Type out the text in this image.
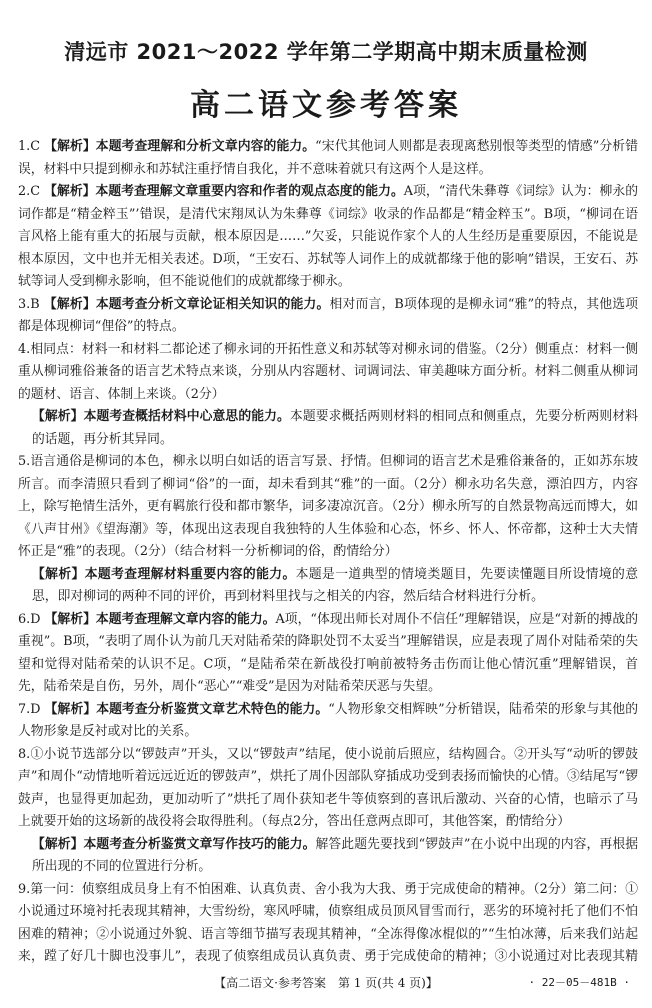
清远市 2021～2022 学年第二学期高中期末质量检测
高二语文参考答案

1.C 【解析】本题考查理解和分析文章内容的能力。“宋代其他词人则都是表现离愁别恨等类型的情感”分析错误，材料中只提到柳永和苏轼注重抒情自我化，并不意味着就只有这两个人是这样。

2.C 【解析】本题考查理解文章重要内容和作者的观点态度的能力。A项，“清代朱彝尊《词综》认为：柳永的词作都是“精金粹玉”’错误，是清代宋翔凤认为朱彝尊《词综》收录的作品都是“精金粹玉”。B项，“柳词在语言风格上能有重大的拓展与贡献，根本原因是……”欠妥，只能说作家个人的人生经历是重要原因，不能说是根本原因，文中也并无相关表述。D项，“王安石、苏轼等人词作上的成就都缘于他的影响”错误，王安石、苏轼等词人受到柳永影响，但不能说他们的成就都缘于柳永。

3.B 【解析】本题考查分析文章论证相关知识的能力。相对而言，B项体现的是柳永词“雅”的特点，其他选项都是体现柳词“俚俗”的特点。

4.相同点：材料一和材料二都论述了柳永词的开拓性意义和苏轼等对柳永词的借鉴。（2分）侧重点：材料一侧重从柳词雅俗兼备的语言艺术特点来谈，分别从内容题材、词调词法、审美趣味方面分析。材料二侧重从柳词的题材、语言、体制上来谈。（2分）

【解析】本题考查概括材料中心意思的能力。本题要求概括两则材料的相同点和侧重点，先要分析两则材料的话题，再分析其异同。

5.语言通俗是柳词的本色，柳永以明白如话的语言写景、抒情。但柳词的语言艺术是雅俗兼备的，正如苏东坡所言。而李清照只看到了柳词“俗”的一面，却未看到其“雅”的一面。（2分）柳永功名失意，漂泊四方，内容上，除写艳情生活外，更有羁旅行役和都市繁华，词多凄凉沉音。（2分）柳永所写的自然景物高远而博大，如《八声甘州》《望海潮》等，体现出这表现自我独特的人生体验和心态，怀乡、怀人、怀帝都，这种士大夫情怀正是“雅”的表现。（2分）（结合材料一分析柳词的俗，酌情给分）

【解析】本题考查理解材料重要内容的能力。本题是一道典型的情境类题目，先要读懂题目所设情境的意思，即对柳词的两种不同的评价，再到材料里找与之相关的内容，然后结合材料进行分析。

6.D 【解析】本题考查理解文章内容的能力。A项，“体现出师长对周仆不信任”理解错误，应是“对新的搏战的重视”。B项，“表明了周仆认为前几天对陆希荣的降职处罚不太妥当”理解错误，应是表现了周仆对陆希荣的失望和觉得对陆希荣的认识不足。C项，“是陆希荣在新战役打响前被特务击伤而让他心情沉重”理解错误，首先，陆希荣是自伤，另外，周仆“恶心”“难受”是因为对陆希荣厌恶与失望。

7.D 【解析】本题考查分析鉴赏文章艺术特色的能力。“人物形象交相辉映”分析错误，陆希荣的形象与其他的人物形象是反衬或对比的关系。

8.①小说节选部分以“锣鼓声”开头，又以“锣鼓声”结尾，使小说前后照应，结构圆合。②开头写“动听的锣鼓声”和周仆“动情地听着远远近近的锣鼓声”，烘托了周仆因部队穿插成功受到表扬而愉快的心情。③结尾写“锣鼓声，也显得更加起劲，更加动听了”烘托了周仆获知老牛等侦察到的喜讯后激动、兴奋的心情，也暗示了马上就要开始的这场新的战役将会取得胜利。（每点2分，答出任意两点即可，其他答案，酌情给分）

【解析】本题考查分析鉴赏文章写作技巧的能力。解答此题先要找到“锣鼓声”在小说中出现的内容，再根据所出现的不同的位置进行分析。

9.第一问：侦察组成员身上有不怕困难、认真负责、舍小我为大我、勇于完成使命的精神。（2分）第二问：①小说通过环境衬托表现其精神，大雪纷纷，寒风呼啸，侦察组成员顶风冒雪而行，恶劣的环境衬托了他们不怕困难的精神；②小说通过外貌、语言等细节描写表现其精神，“全冻得像冰棍似的”“生怕冰薄，后来我们站起来，蹚了好几十脚也没事儿”，表现了侦察组成员认真负责、勇于完成使命的精神；③小说通过对比表现其精

【高二语文·参考答案　第 1 页(共 4 页)】	· 22－05－481B ·
